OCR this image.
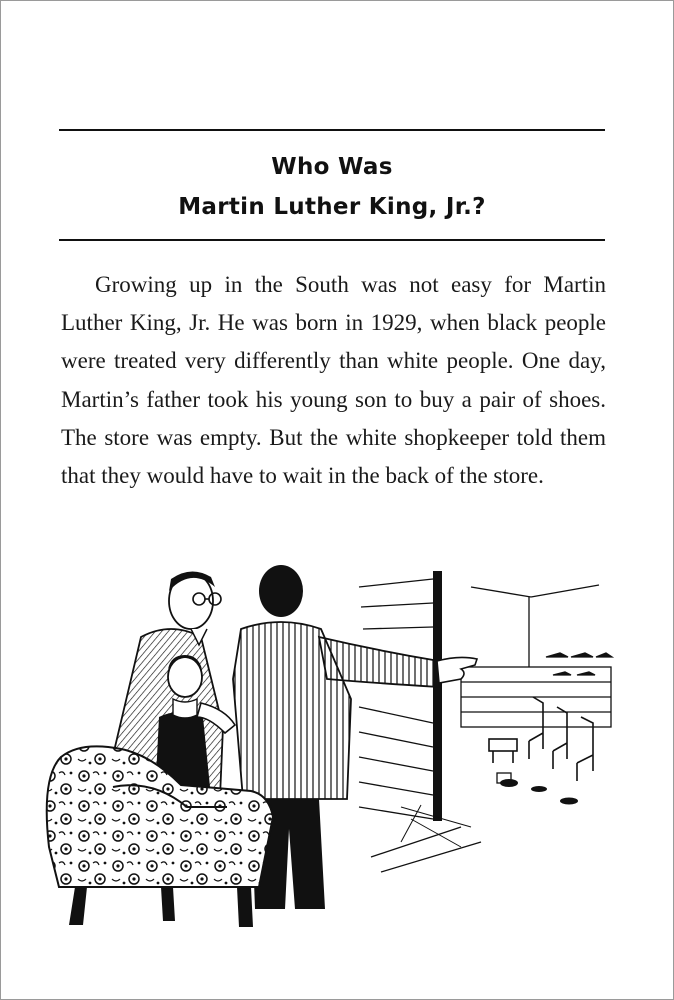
Who Was
Martin Luther King, Jr.?

Growing up in the South was not easy for Martin Luther King, Jr. He was born in 1929, when black people were treated very differently than white people. One day, Martin’s father took his young son to buy a pair of shoes. The store was empty. But the white shopkeeper told them that they would have to wait in the back of the store.
